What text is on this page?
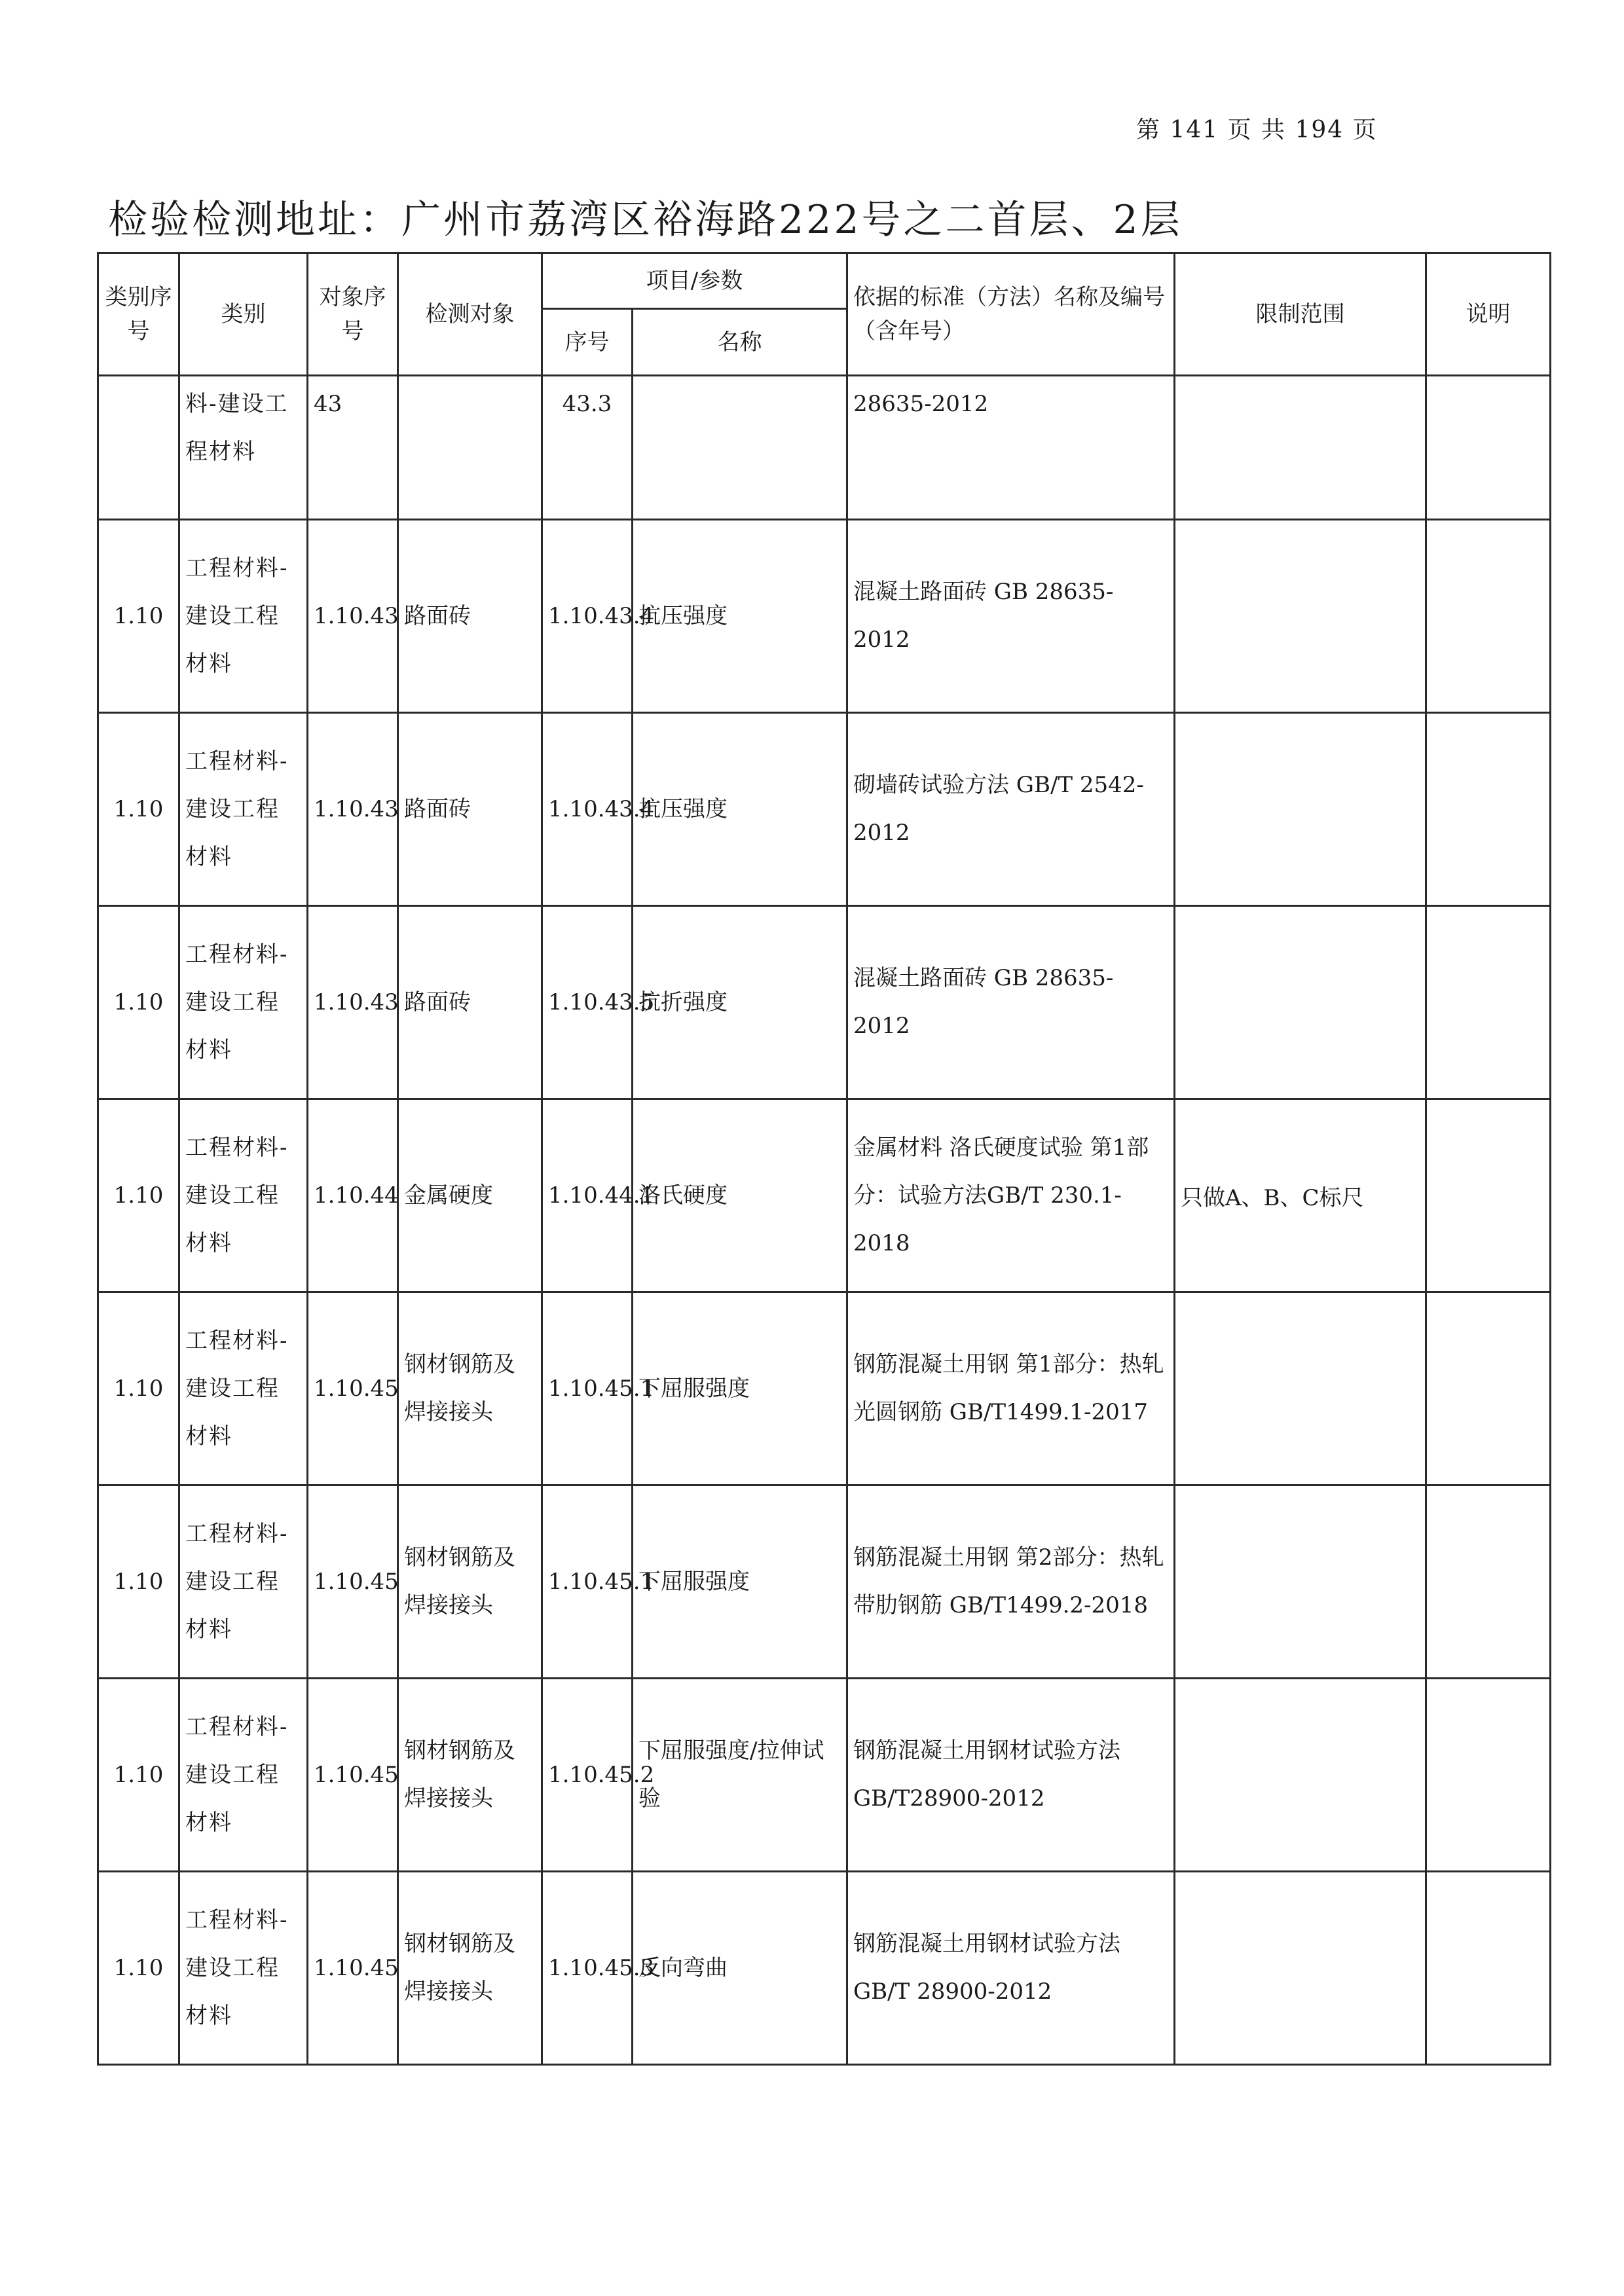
第 141 页 共 194 页
检验检测地址：广州市荔湾区裕海路222号之二首层、2层
类别序号	类别	对象序号	检测对象	项目/参数		依据的标准（方法）名称及编号（含年号）	限制范围	说明
				序号	名称			
	料-建设工程材料	43		43.3		28635-2012		
1.10	工程材料-建设工程材料	1.10.43	路面砖	1.10.43.4	抗压强度	混凝土路面砖 GB 28635-2012		
1.10	工程材料-建设工程材料	1.10.43	路面砖	1.10.43.4	抗压强度	砌墙砖试验方法 GB/T 2542-2012		
1.10	工程材料-建设工程材料	1.10.43	路面砖	1.10.43.5	抗折强度	混凝土路面砖 GB 28635-2012		
1.10	工程材料-建设工程材料	1.10.44	金属硬度	1.10.44.1	洛氏硬度	金属材料 洛氏硬度试验 第1部分：试验方法GB/T 230.1-2018	只做A、B、C标尺	
1.10	工程材料-建设工程材料	1.10.45	钢材钢筋及焊接接头	1.10.45.1	下屈服强度	钢筋混凝土用钢 第1部分：热轧光圆钢筋 GB/T1499.1-2017		
1.10	工程材料-建设工程材料	1.10.45	钢材钢筋及焊接接头	1.10.45.1	下屈服强度	钢筋混凝土用钢 第2部分：热轧带肋钢筋 GB/T1499.2-2018		
1.10	工程材料-建设工程材料	1.10.45	钢材钢筋及焊接接头	1.10.45.2	下屈服强度/拉伸试验	钢筋混凝土用钢材试验方法 GB/T28900-2012		
1.10	工程材料-建设工程材料	1.10.45	钢材钢筋及焊接接头	1.10.45.3	反向弯曲	钢筋混凝土用钢材试验方法 GB/T 28900-2012		
